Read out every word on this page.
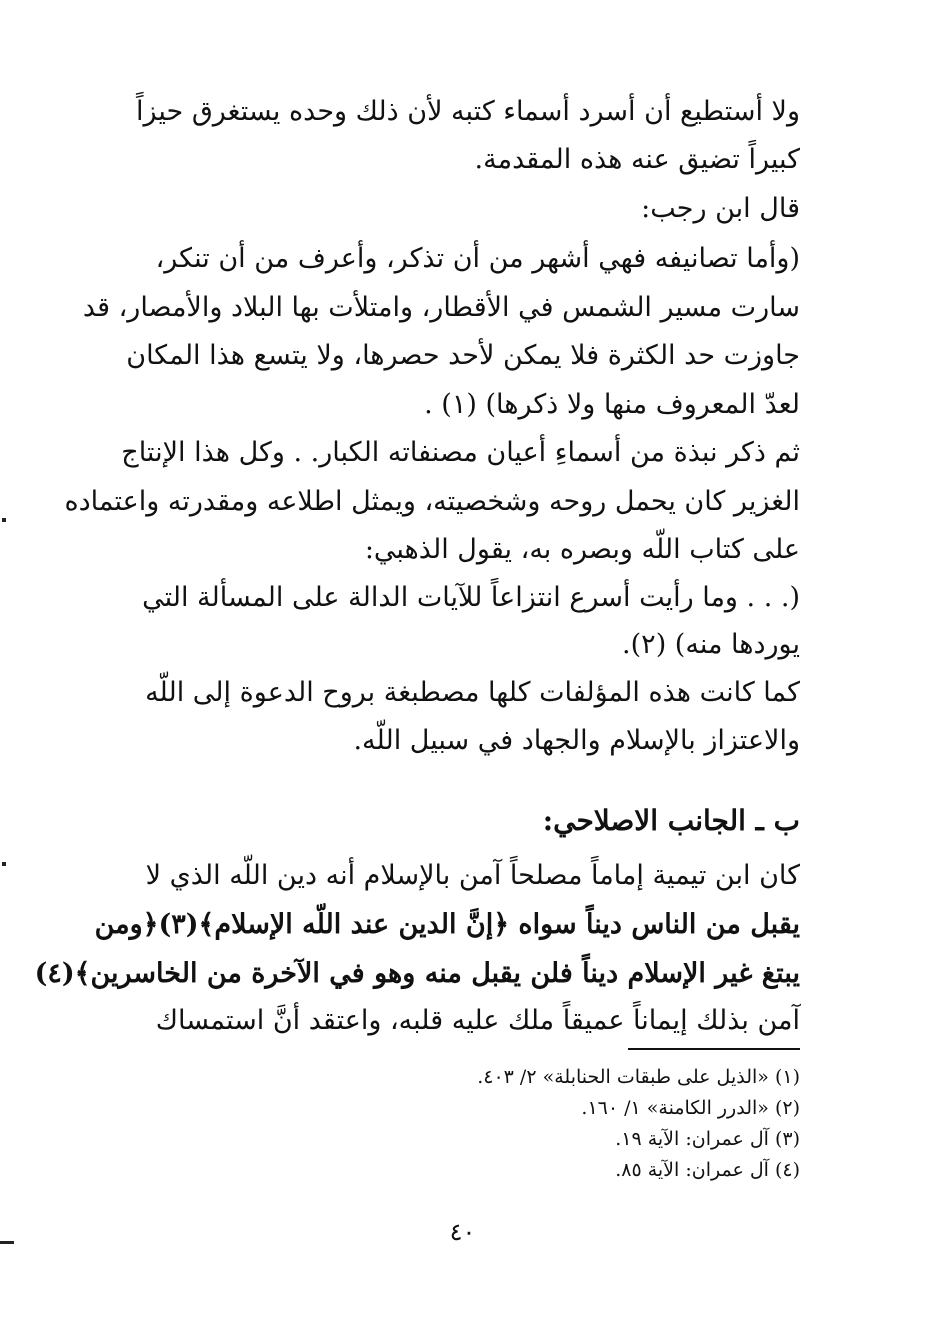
ولا أستطيع أن أسرد أسماء كتبه لأن ذلك وحده يستغرق حيزاً
كبيراً تضيق عنه هذه المقدمة.
قال ابن رجب:
(وأما تصانيفه فهي أشهر من أن تذكر، وأعرف من أن تنكر،
سارت مسير الشمس في الأقطار، وامتلأت بها البلاد والأمصار، قد
جاوزت حد الكثرة فلا يمكن لأحد حصرها، ولا يتسع هذا المكان
لعدّ المعروف منها ولا ذكرها) (١) .
ثم ذكر نبذة من أسماءِ أعيان مصنفاته الكبار. . وكل هذا الإنتاج
الغزير كان يحمل روحه وشخصيته، ويمثل اطلاعه ومقدرته واعتماده
على كتاب اللّه وبصره به، يقول الذهبي:
(. . . وما رأيت أسرع انتزاعاً للآيات الدالة على المسألة التي
يوردها منه) (٢).
كما كانت هذه المؤلفات كلها مصطبغة بروح الدعوة إلى اللّه
والاعتزاز بالإسلام والجهاد في سبيل اللّه.
ب ـ الجانب الاصلاحي:
كان ابن تيمية إماماً مصلحاً آمن بالإسلام أنه دين اللّه الذي لا
يقبل من الناس ديناً سواه ﴿إنَّ الدين عند اللّه الإسلام﴾(٣)﴿ومن
يبتغ غير الإسلام ديناً فلن يقبل منه وهو في الآخرة من الخاسرين﴾(٤)
آمن بذلك إيماناً عميقاً ملك عليه قلبه، واعتقد أنَّ استمساك
(١) «الذيل على طبقات الحنابلة» ٢/ ٤٠٣.
(٢) «الدرر الكامنة» ١/ ١٦٠.
(٣) آل عمران: الآية ١٩.
(٤) آل عمران: الآية ٨٥.
٤٠
